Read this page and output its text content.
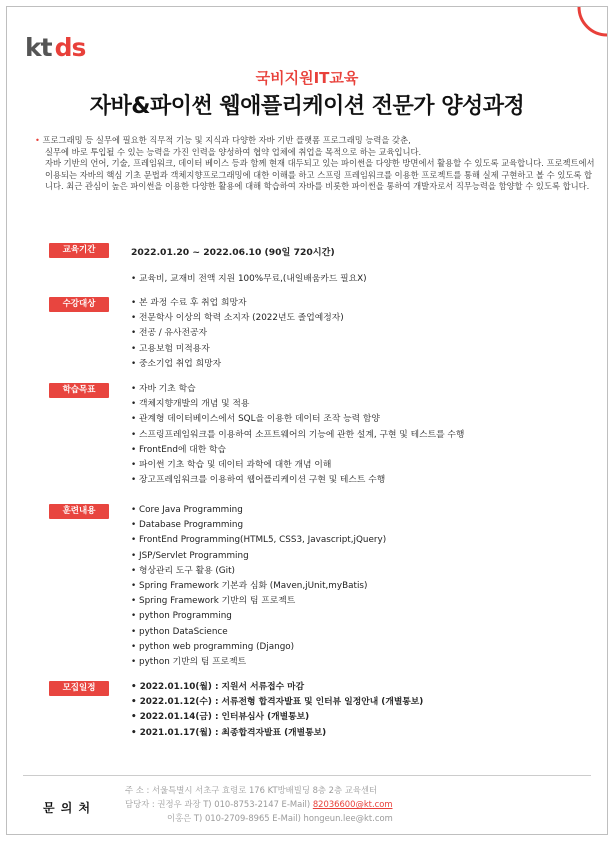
kt ds
국비지원IT교육
자바&파이썬 웹애플리케이션 전문가 양성과정

• 프로그래밍 등 실무에 필요한 직무적 기능 및 지식과 다양한 자바 기반 플랫폼 프로그래밍 능력을 갖춘,

실무에 바로 투입될 수 있는 능력을 가진 인력을 양성하여 협약 업체에 취업을 목적으로 하는 교육입니다.

자바 기반의 언어, 기술, 프레임워크, 데이터 베이스 등과 함께 현재 대두되고 있는 파이썬을 다양한 방면에서 활용할 수 있도록 교육합니다. 프로젝트에서 이용되는 자바의 핵심 기초 문법과 객체지향프로그래밍에 대한 이해를 하고 스프링 프레임워크를 이용한 프로젝트를 통해 실제 구현하고 볼 수 있도록 합니다. 최근 관심이 높은 파이썬을 이용한 다양한 활용에 대해 학습하여 자바를 비롯한 파이썬을 통하여 개발자로서 직무능력을 함양할 수 있도록 합니다.

교육기간	2022.01.20 ~ 2022.06.10 (90일 720시간)
• 교육비, 교재비 전액 지원 100%무료,(내일배움카드 필요X)
수강대상	• 본 과정 수료 후 취업 희망자
• 전문학사 이상의 학력 소지자 (2022년도 졸업예정자)
• 전공 / 유사전공자
• 고용보험 미적용자
• 중소기업 취업 희망자
학습목표	• 자바 기초 학습
• 객체지향개발의 개념 및 적용
• 관계형 데이터베이스에서 SQL을 이용한 데이터 조작 능력 함양
• 스프링프레임워크를 이용하여 소프트웨어의 기능에 관한 설계, 구현 및 테스트를 수행
• FrontEnd에 대한 학습
• 파이썬 기초 학습 및 데이터 과학에 대한 개념 이해
• 장고프레임워크를 이용하여 웹어플리케이션 구현 및 테스트 수행
훈련내용	• Core Java Programming
• Database Programming
• FrontEnd Programming(HTML5, CSS3, Javascript,jQuery)
• JSP/Servlet Programming
• 형상관리 도구 활용 (Git)
• Spring Framework 기본과 심화 (Maven,jUnit,myBatis)
• Spring Framework 기반의 팀 프로젝트
• python Programming
• python DataScience
• python web programming (Django)
• python 기반의 팀 프로젝트
모집일정	• 2022.01.10(월) : 지원서 서류접수 마감
• 2022.01.12(수) : 서류전형 합격자발표 및 인터뷰 일정안내 (개별통보)
• 2022.01.14(금) : 인터뷰심사 (개별통보)
• 2021.01.17(월) : 최종합격자발표 (개별통보)
문 의 처
주 소 : 서울특별시 서초구 효령로 176 KT방배빌딩 8층 2층 교육센터
담당자 : 권정우 과장 T) 010-8753-2147 E-Mail) 82036600@kt.com
이홍은 T) 010-2709-8965 E-Mail) hongeun.lee@kt.com
